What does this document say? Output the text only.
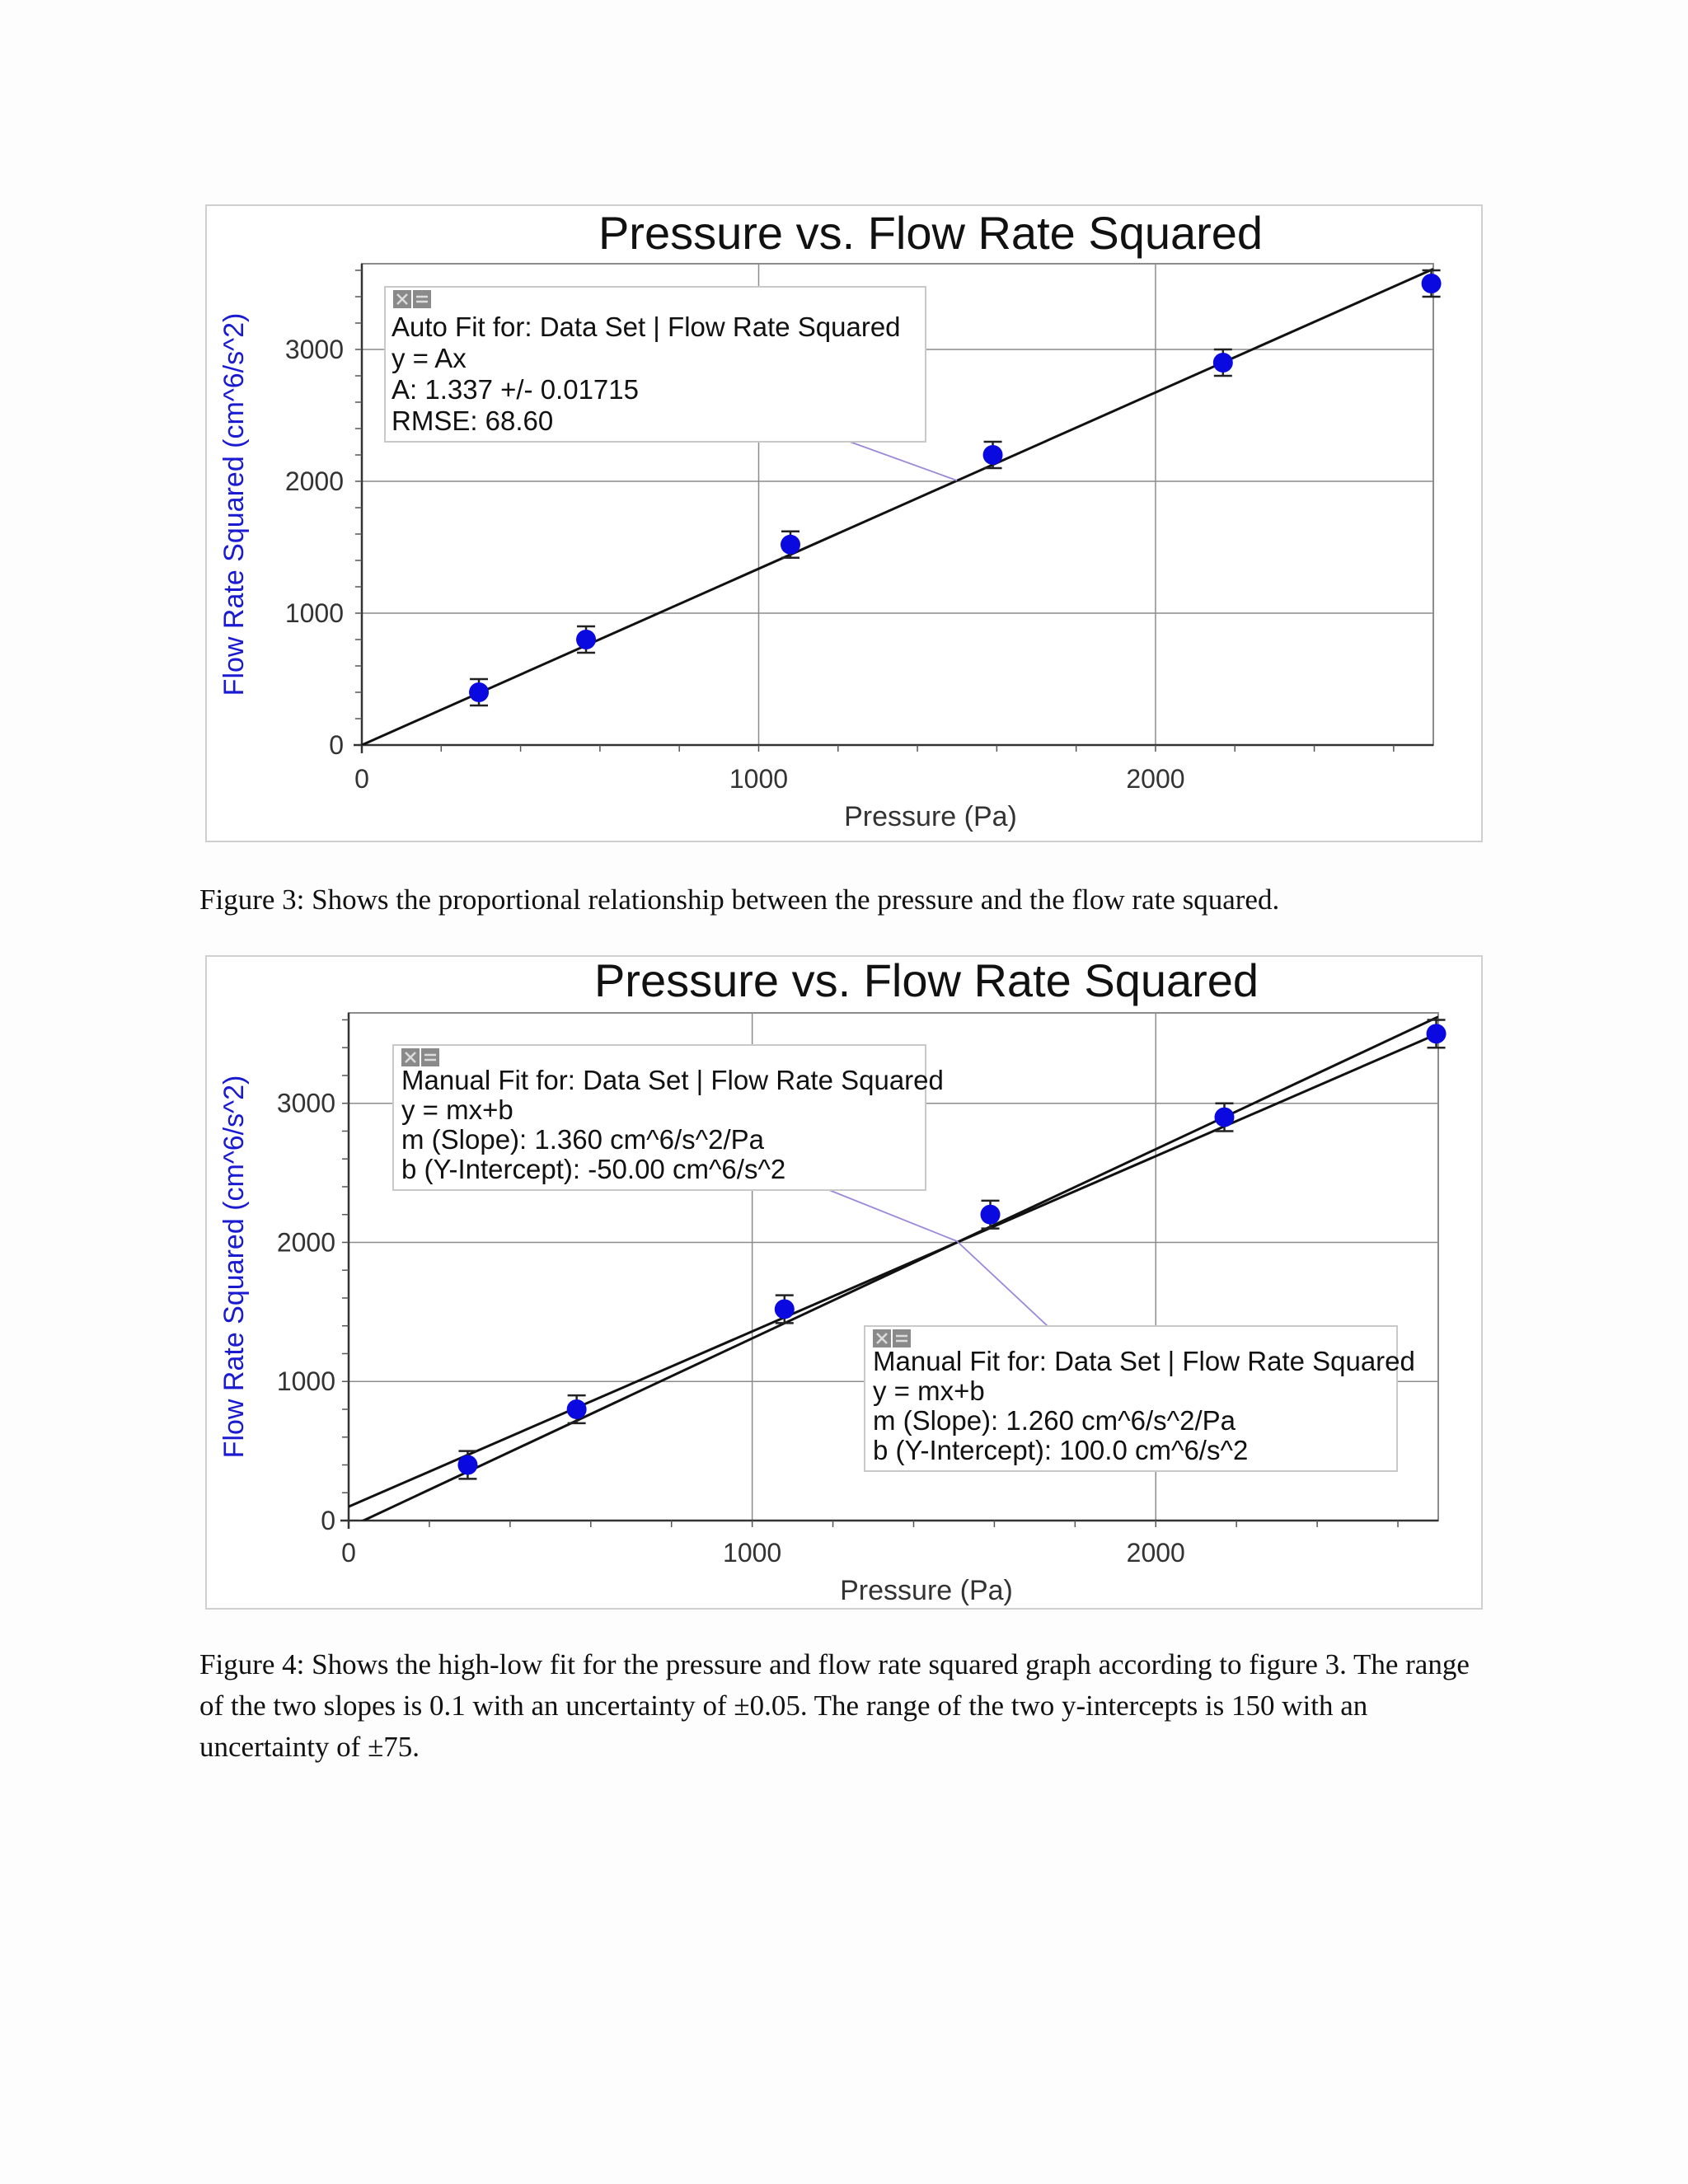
Pressure vs. Flow Rate Squared
0	1000	2000
0
1000
2000
3000
Pressure (Pa)
Flow Rate Squared (cm^6/s^2)	Auto Fit for: Data Set | Flow Rate Squared
y = Ax
A: 1.337 +/- 0.01715
RMSE: 68.60

Figure 3: Shows the proportional relationship between the pressure and the flow rate squared.

Pressure vs. Flow Rate Squared
0	1000	2000
0
1000
2000
3000
Pressure (Pa)
Flow Rate Squared (cm^6/s^2)	Manual Fit for: Data Set | Flow Rate Squared
y = mx+b
m (Slope): 1.360 cm^6/s^2/Pa
b (Y-Intercept): -50.00 cm^6/s^2
Manual Fit for: Data Set | Flow Rate Squared
y = mx+b
m (Slope): 1.260 cm^6/s^2/Pa
b (Y-Intercept): 100.0 cm^6/s^2

Figure 4: Shows the high-low fit for the pressure and flow rate squared graph according to figure 3. The range of the two slopes is 0.1 with an uncertainty of ±0.05. The range of the two y-intercepts is 150 with an uncertainty of ±75.
